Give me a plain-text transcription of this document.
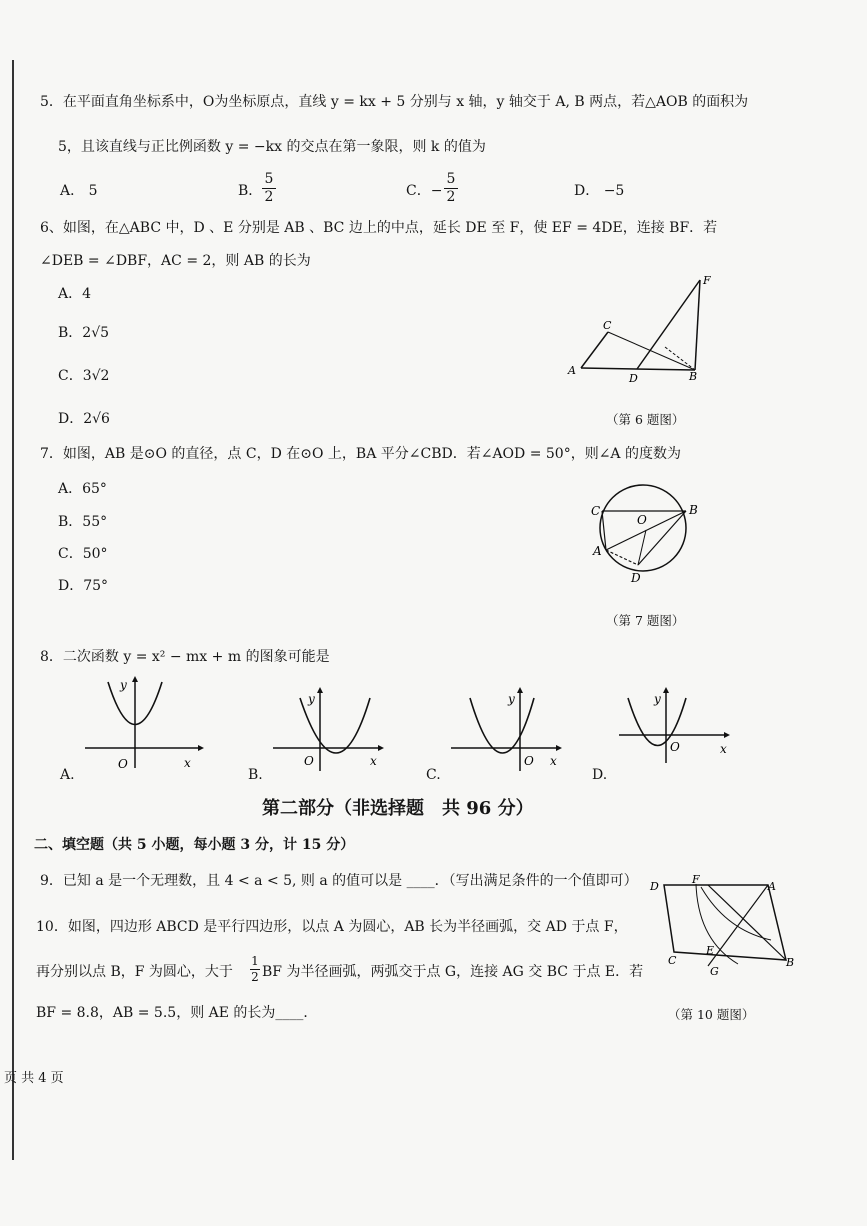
5．在平面直角坐标系中，O为坐标原点，直线 y = kx + 5 分别与 x 轴，y 轴交于 A, B 两点，若△AOB 的面积为
5，且该直线与正比例函数 y = −kx 的交点在第一象限，则 k 的值为
A． 5	B．
5
2	C．−
5
2	D． −5
6、如图，在△ABC 中，D 、E 分别是 AB 、BC 边上的中点，延长 DE 至 F，使 EF = 4DE，连接 BF．若
∠DEB = ∠DBF，AC = 2，则 AB 的长为
A．4
B．2√5
C．3√2
D．2√6
A
C
D	B
F
（第 6 题图）
7．如图，AB 是⊙O 的直径，点 C，D 在⊙O 上，BA 平分∠CBD．若∠AOD = 50°，则∠A 的度数为
A．65°
B．55°
C．50°
D．75°
C	B
O
A
D
（第 7 题图）
8．二次函数 y = x² − mx + m 的图象可能是
A.
O	x
y
B.
O	x
y
C.
O x
y
D.
O	x
y
第二部分（非选择题　共 96 分）
二、填空题（共 5 小题，每小题 3 分，计 15 分）
9．已知 a 是一个无理数，且 4 < a < 5, 则 a 的值可以是 ____．（写出满足条件的一个值即可）
10．如图，四边形 ABCD 是平行四边形，以点 A 为圆心，AB 长为半径画弧，交 AD 于点 F，
再分别以点 B，F 为圆心，大于
1
2 BF 为半径画弧，两弧交于点 G，连接 AG 交 BC 于点 E．若
BF = 8.8，AB = 5.5，则 AE 的长为____．
D
F
A
C
E
G
B
（第 10 题图）
页 共 4 页
